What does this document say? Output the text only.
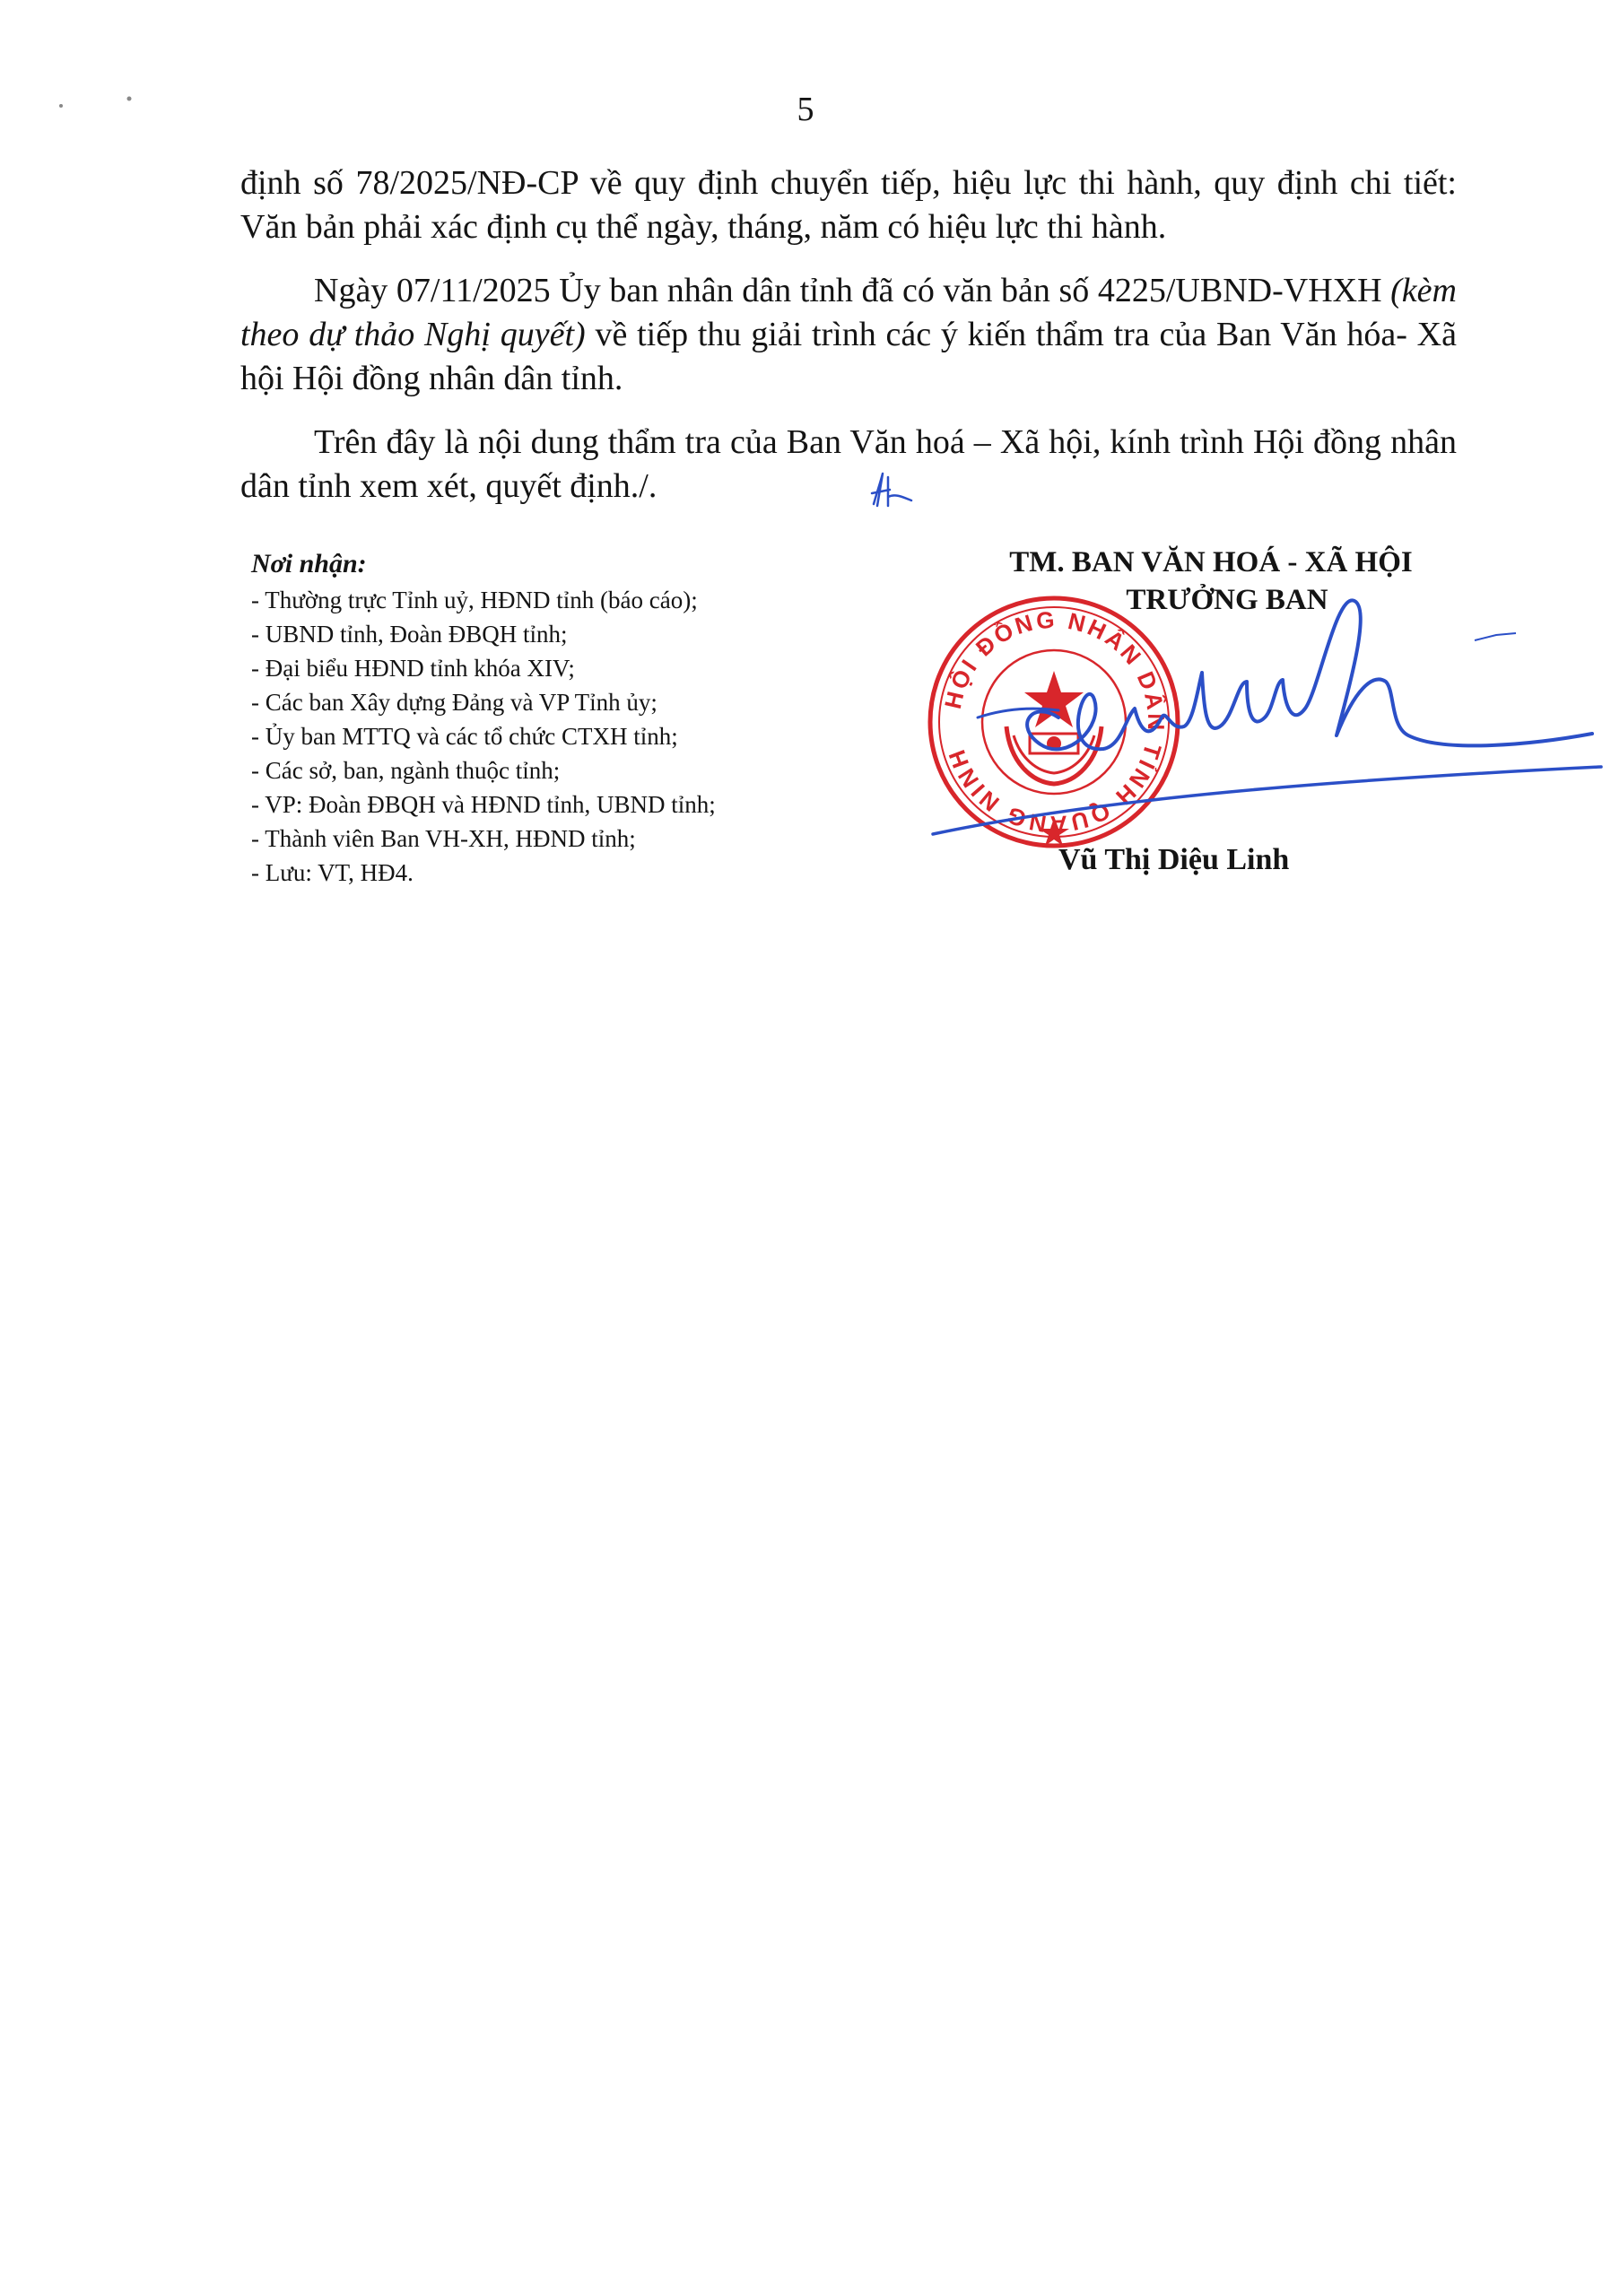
5

định số 78/2025/NĐ-CP về quy định chuyển tiếp, hiệu lực thi hành, quy định chi tiết: Văn bản phải xác định cụ thể ngày, tháng, năm có hiệu lực thi hành.

Ngày 07/11/2025 Ủy ban nhân dân tỉnh đã có văn bản số 4225/UBND-VHXH (kèm theo dự thảo Nghị quyết) về tiếp thu giải trình các ý kiến thẩm tra của Ban Văn hóa- Xã hội Hội đồng nhân dân tỉnh.

Trên đây là nội dung thẩm tra của Ban Văn hoá – Xã hội, kính trình Hội đồng nhân dân tỉnh xem xét, quyết định./.

Nơi nhận:
- Thường trực Tỉnh uỷ, HĐND tỉnh (báo cáo);
- UBND tỉnh, Đoàn ĐBQH tỉnh;
- Đại biểu HĐND tỉnh khóa XIV;
- Các ban Xây dựng Đảng và VP Tỉnh ủy;
- Ủy ban MTTQ và các tổ chức CTXH tỉnh;
- Các sở, ban, ngành thuộc tỉnh;
- VP: Đoàn ĐBQH và HĐND tỉnh, UBND tỉnh;
- Thành viên Ban VH-XH, HĐND tỉnh;
- Lưu: VT, HĐ4.
TM. BAN VĂN HOÁ - XÃ HỘI
TRƯỞNG BAN
HỘI ĐỒNG NHÂN DÂN TỈNH QUẢNG NINH
Vũ Thị Diệu Linh
